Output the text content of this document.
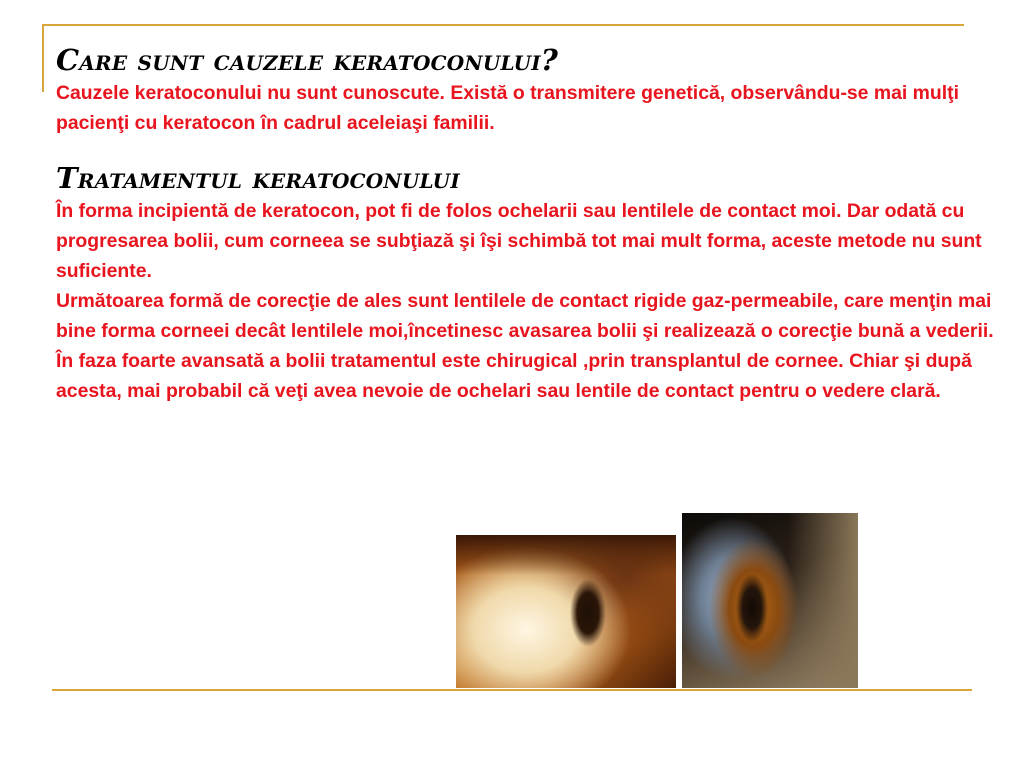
Care sunt cauzele keratoconului?

Cauzele keratoconului nu sunt cunoscute. Există o transmitere genetică, observându-se mai mulţi pacienţi cu keratocon în cadrul aceleiaşi familii.

Tratamentul keratoconului

În forma incipientă de keratocon, pot fi de folos ochelarii sau lentilele de contact moi. Dar odată cu progresarea bolii, cum corneea se subţiază şi îşi schimbă tot mai mult forma, aceste metode nu sunt suficiente.

Următoarea formă de corecţie de ales sunt lentilele de contact rigide gaz-permeabile, care menţin mai bine forma corneei decât lentilele moi,încetinesc avasarea bolii şi realizează o corecţie bună a vederii.

În faza foarte avansată a bolii tratamentul este chirugical ,prin transplantul de cornee. Chiar şi după acesta, mai probabil că veţi avea nevoie de ochelari sau lentile de contact pentru o vedere clară.
